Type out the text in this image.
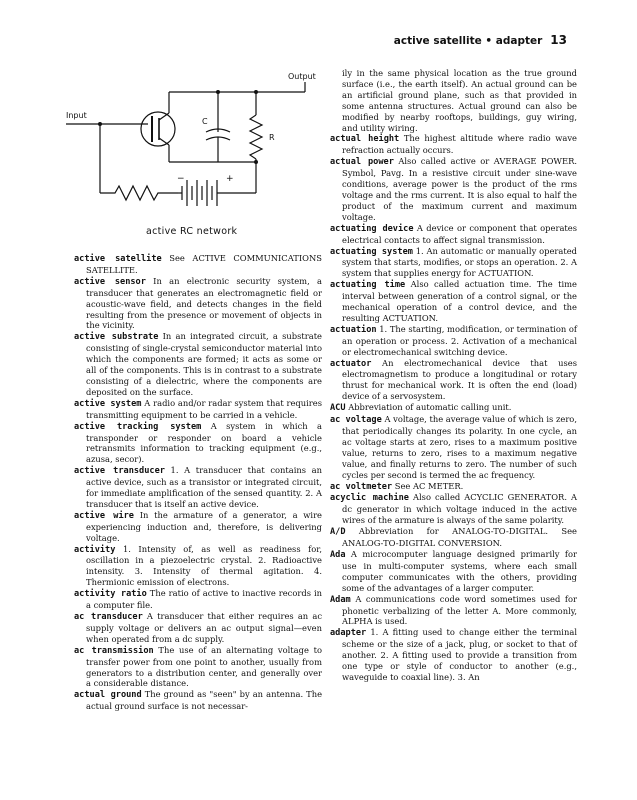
active satellite • adapter 13
Input
Output
C
R
−	+
active RC network

ily in the same physical location as the true ground surface (i.e., the earth itself). An actual ground can be an artificial ground plane, such as that provided in some antenna structures. Actual ground can also be modified by nearby rooftops, buildings, guy wiring, and utility wiring.

actual height The highest altitude where radio wave refraction actually occurs.

actual power Also called active or AVERAGE POWER. Symbol, Pavg. In a resistive circuit under sine-wave conditions, average power is the product of the rms voltage and the rms current. It is also equal to half the product of the maximum current and maximum voltage.

actuating device A device or component that operates electrical contacts to affect signal transmission.

actuating system 1. An automatic or manually operated system that starts, modifies, or stops an operation. 2. A system that supplies energy for ACTUATION.

actuating time Also called actuation time. The time interval between generation of a control signal, or the mechanical operation of a control device, and the resulting ACTUATION.

actuation 1. The starting, modification, or termination of an operation or process. 2. Activation of a mechanical or electromechanical switching device.

actuator An electromechanical device that uses electromagnetism to produce a longitudinal or rotary thrust for mechanical work. It is often the end (load) device of a servosystem.

ACU Abbreviation of automatic calling unit.

ac voltage A voltage, the average value of which is zero, that periodically changes its polarity. In one cycle, an ac voltage starts at zero, rises to a maximum positive value, returns to zero, rises to a maximum negative value, and finally returns to zero. The number of such cycles per second is termed the ac frequency.

ac voltmeter See AC METER.

acyclic machine Also called ACYCLIC GENERATOR. A dc generator in which voltage induced in the active wires of the armature is always of the same polarity.

A/D Abbreviation for ANALOG-TO-DIGITAL. See ANALOG-TO-DIGITAL CONVERSION.

Ada A microcomputer language designed primarily for use in multi-computer systems, where each small computer communicates with the others, providing some of the advantages of a larger computer.

Adam A communications code word sometimes used for phonetic verbalizing of the letter A. More commonly, ALPHA is used.

adapter 1. A fitting used to change either the terminal scheme or the size of a jack, plug, or socket to that of another. 2. A fitting used to provide a transition from one type or style of conductor to another (e.g., waveguide to coaxial line). 3. An

active satellite See ACTIVE COMMUNICATIONS SATELLITE.

active sensor In an electronic security system, a transducer that generates an electromagnetic field or acoustic-wave field, and detects changes in the field resulting from the presence or movement of objects in the vicinity.

active substrate In an integrated circuit, a substrate consisting of single-crystal semiconductor material into which the components are formed; it acts as some or all of the components. This is in contrast to a substrate consisting of a dielectric, where the components are deposited on the surface.

active system A radio and/or radar system that requires transmitting equipment to be carried in a vehicle.

active tracking system A system in which a transponder or responder on board a vehicle retransmits information to tracking equipment (e.g., azusa, secor).

active transducer 1. A transducer that contains an active device, such as a transistor or integrated circuit, for immediate amplification of the sensed quantity. 2. A transducer that is itself an active device.

active wire In the armature of a generator, a wire experiencing induction and, therefore, is delivering voltage.

activity 1. Intensity of, as well as readiness for, oscillation in a piezoelectric crystal. 2. Radioactive intensity. 3. Intensity of thermal agitation. 4. Thermionic emission of electrons.

activity ratio The ratio of active to inactive records in a computer file.

ac transducer A transducer that either requires an ac supply voltage or delivers an ac output signal—even when operated from a dc supply.

ac transmission The use of an alternating voltage to transfer power from one point to another, usually from generators to a distribution center, and generally over a considerable distance.

actual ground The ground as "seen" by an antenna. The actual ground surface is not necessar-
